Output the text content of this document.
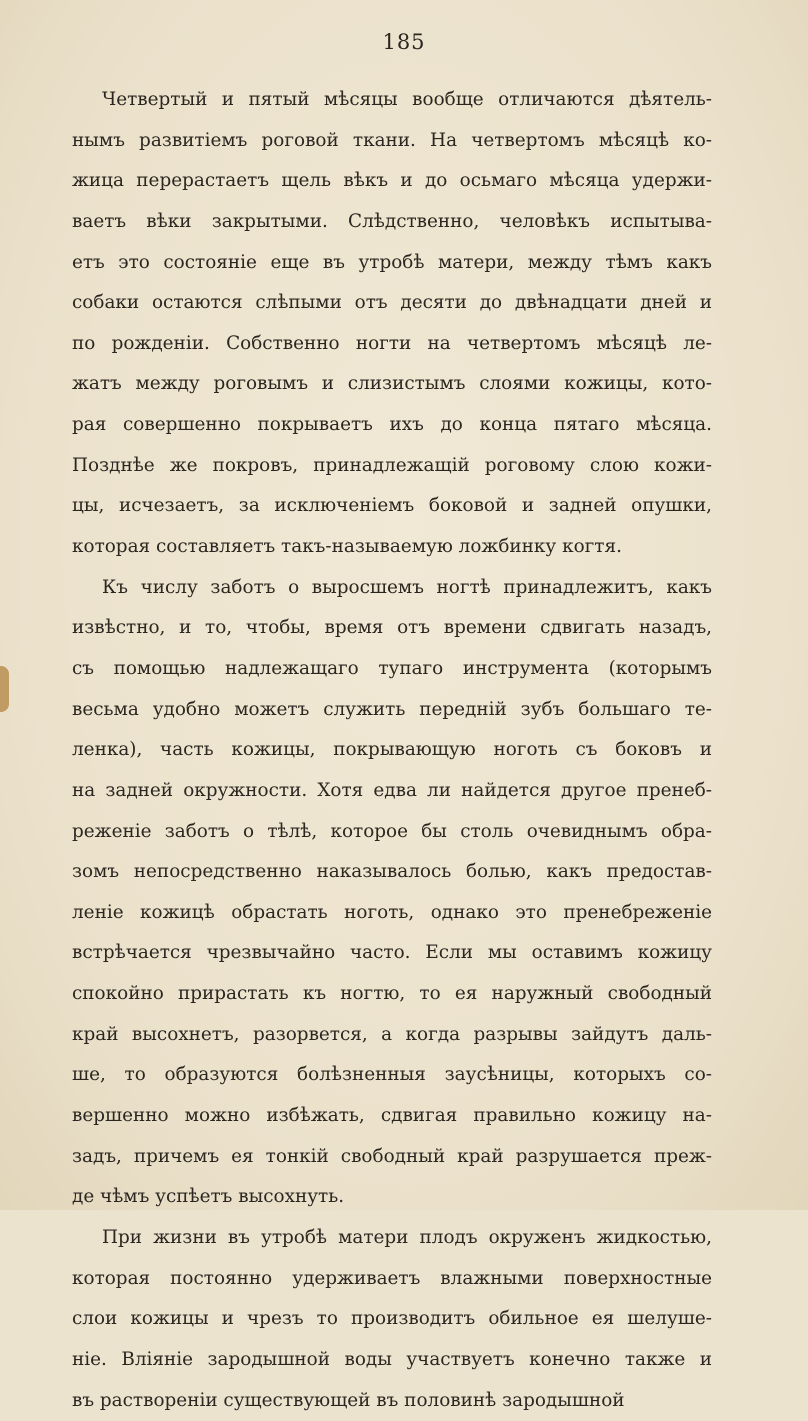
185
Четвертый и пятый мѣсяцы вообще отличаются дѣятель-
нымъ развитіемъ роговой ткани. На четвертомъ мѣсяцѣ ко-
жица перерастаетъ щель вѣкъ и до осьмаго мѣсяца удержи-
ваетъ вѣки закрытыми. Слѣдственно, человѣкъ испытыва-
етъ это состояніе еще въ утробѣ матери, между тѣмъ какъ
собаки остаются слѣпыми отъ десяти до двѣнадцати дней и
по рожденіи. Собственно ногти на четвертомъ мѣсяцѣ ле-
жатъ между роговымъ и слизистымъ слоями кожицы, кото-
рая совершенно покрываетъ ихъ до конца пятаго мѣсяца.
Позднѣе же покровъ, принадлежащій роговому слою кожи-
цы, исчезаетъ, за исключеніемъ боковой и задней опушки,
которая составляетъ такъ-называемую ложбинку когтя.
Къ числу заботъ о выросшемъ ногтѣ принадлежитъ, какъ
извѣстно, и то, чтобы, время отъ времени сдвигать назадъ,
съ помощью надлежащаго тупаго инструмента (которымъ
весьма удобно можетъ служить передній зубъ большаго те-
ленка), часть кожицы, покрывающую ноготь съ боковъ и
на задней окружности. Хотя едва ли найдется другое пренеб-
реженіе заботъ о тѣлѣ, которое бы столь очевиднымъ обра-
зомъ непосредственно наказывалось болью, какъ предостав-
леніе кожицѣ обрастать ноготь, однако это пренебреженіе
встрѣчается чрезвычайно часто. Если мы оставимъ кожицу
спокойно прирастать къ ногтю, то ея наружный свободный
край высохнетъ, разорвется, а когда разрывы зайдутъ даль-
ше, то образуются болѣзненныя заусѣницы, которыхъ со-
вершенно можно избѣжать, сдвигая правильно кожицу на-
задъ, причемъ ея тонкій свободный край разрушается преж-
де чѣмъ успѣетъ высохнуть.
При жизни въ утробѣ матери плодъ окруженъ жидкостью,
которая постоянно удерживаетъ влажными поверхностные
слои кожицы и чрезъ то производитъ обильное ея шелуше-
ніе. Вліяніе зародышной воды участвуетъ конечно также и
въ раствореніи существующей въ половинѣ зародышной
